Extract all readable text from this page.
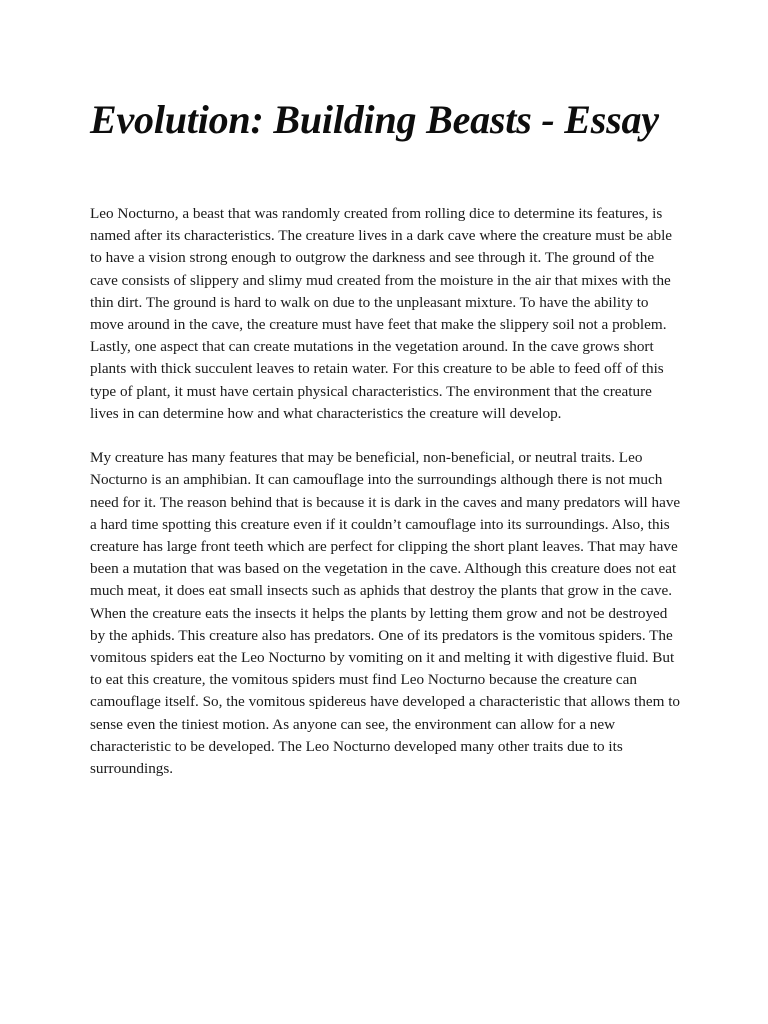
Evolution: Building Beasts - Essay

Leo Nocturno, a beast that was randomly created from rolling dice to determine its features, is named after its characteristics. The creature lives in a dark cave where the creature must be able to have a vision strong enough to outgrow the darkness and see through it. The ground of the cave consists of slippery and slimy mud created from the moisture in the air that mixes with the thin dirt. The ground is hard to walk on due to the unpleasant mixture. To have the ability to move around in the cave, the creature must have feet that make the slippery soil not a problem. Lastly, one aspect that can create mutations in the vegetation around. In the cave grows short plants with thick succulent leaves to retain water. For this creature to be able to feed off of this type of plant, it must have certain physical characteristics. The environment that the creature lives in can determine how and what characteristics the creature will develop.

My creature has many features that may be beneficial, non-beneficial, or neutral traits. Leo Nocturno is an amphibian. It can camouflage into the surroundings although there is not much need for it. The reason behind that is because it is dark in the caves and many predators will have a hard time spotting this creature even if it couldn’t camouflage into its surroundings. Also, this creature has large front teeth which are perfect for clipping the short plant leaves. That may have been a mutation that was based on the vegetation in the cave. Although this creature does not eat much meat, it does eat small insects such as aphids that destroy the plants that grow in the cave. When the creature eats the insects it helps the plants by letting them grow and not be destroyed by the aphids. This creature also has predators. One of its predators is the vomitous spiders. The vomitous spiders eat the Leo Nocturno by vomiting on it and melting it with digestive fluid. But to eat this creature, the vomitous spiders must find Leo Nocturno because the creature can camouflage itself. So, the vomitous spidereus have developed a characteristic that allows them to sense even the tiniest motion. As anyone can see, the environment can allow for a new characteristic to be developed. The Leo Nocturno developed many other traits due to its surroundings.
